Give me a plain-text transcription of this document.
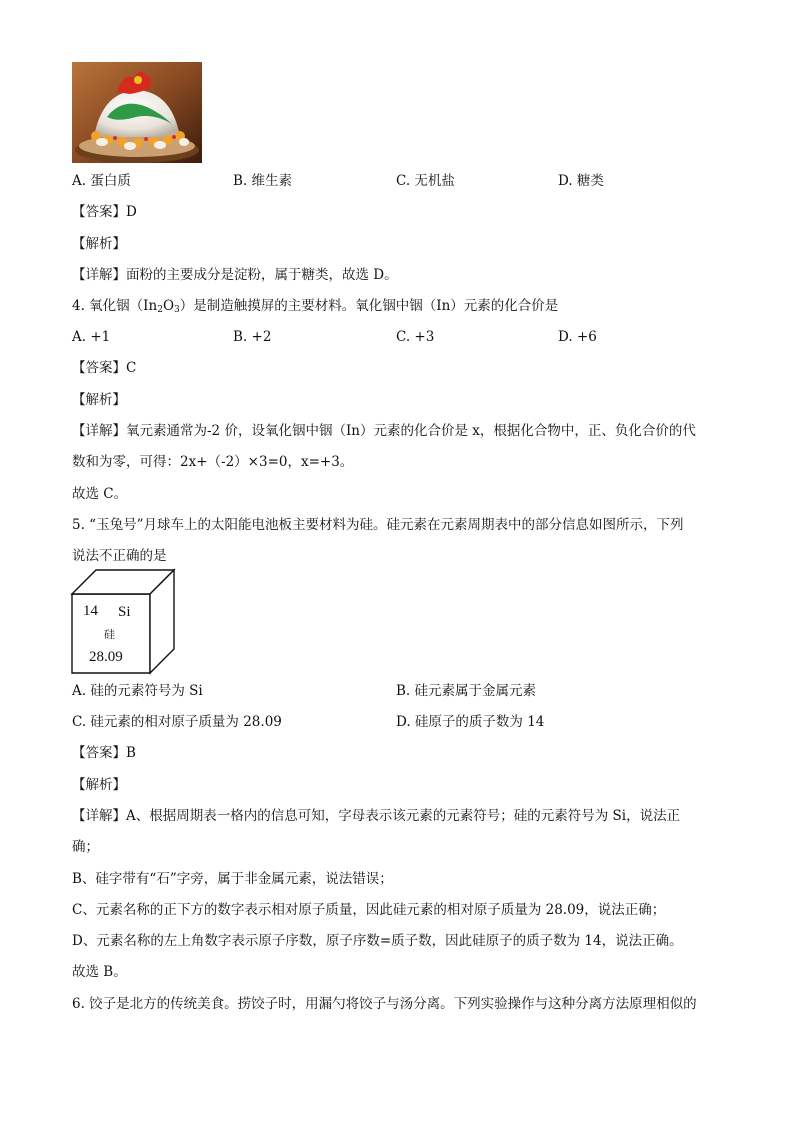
A. 蛋白质	B. 维生素	C. 无机盐	D. 糖类
【答案】D
【解析】
【详解】面粉的主要成分是淀粉，属于糖类，故选 D。
4. 氧化铟$(In_2O_3)$是制造触摸屏的主要材料。氧化铟中铟（In）元素的化合价是
A. +1	B. +2	C. +3	D. +6
【答案】C
【解析】
【详解】氧元素通常为-2 价，设氧化铟中铟（In）元素的化合价是 x，根据化合物中，正、负化合价的代
数和为零，可得：2x+（-2）×3=0，x=+3。
故选 C。
5. “玉兔号”月球车上的太阳能电池板主要材料为硅。硅元素在元素周期表中的部分信息如图所示，下列
说法不正确的是
14 Si
硅
28.09
A. 硅的元素符号为 Si	B. 硅元素属于金属元素
C. 硅元素的相对原子质量为 28.09	D. 硅原子的质子数为 14
【答案】B
【解析】
【详解】A、根据周期表一格内的信息可知，字母表示该元素的元素符号；硅的元素符号为 Si，说法正
确；
B、硅字带有“石”字旁，属于非金属元素，说法错误；
C、元素名称的正下方的数字表示相对原子质量，因此硅元素的相对原子质量为 28.09，说法正确；
D、元素名称的左上角数字表示原子序数，原子序数=质子数，因此硅原子的质子数为 14，说法正确。
故选 B。
6. 饺子是北方的传统美食。捞饺子时，用漏勺将饺子与汤分离。下列实验操作与这种分离方法原理相似的
